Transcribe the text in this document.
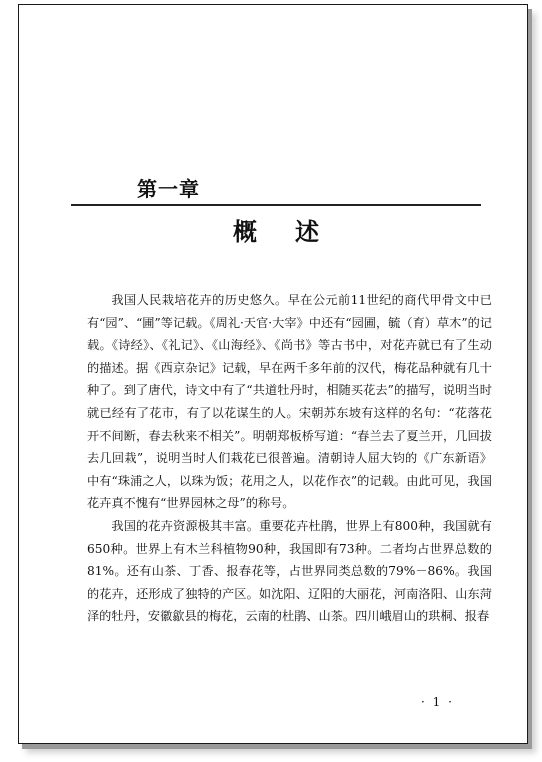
第一章
概述

我国人民栽培花卉的历史悠久。早在公元前11世纪的商代甲骨文中已有“园”、“圃”等记载。《周礼·天官·大宰》中还有“园圃，毓（育）草木”的记载。《诗经》、《礼记》、《山海经》、《尚书》等古书中，对花卉就已有了生动的描述。据《西京杂记》记载，早在两千多年前的汉代，梅花品种就有几十种了。到了唐代，诗文中有了“共道牡丹时，相随买花去”的描写，说明当时就已经有了花市，有了以花谋生的人。宋朝苏东坡有这样的名句：“花落花开不间断，春去秋来不相关”。明朝郑板桥写道：“春兰去了夏兰开，几回拔去几回栽”，说明当时人们栽花已很普遍。清朝诗人屈大钧的《广东新语》中有“珠浦之人，以珠为饭；花用之人，以花作衣”的记载。由此可见，我国花卉真不愧有“世界园林之母”的称号。

我国的花卉资源极其丰富。重要花卉杜鹃，世界上有800种，我国就有650种。世界上有木兰科植物90种，我国即有73种。二者均占世界总数的81%。还有山茶、丁香、报春花等，占世界同类总数的79%－86%。我国的花卉，还形成了独特的产区。如沈阳、辽阳的大丽花，河南洛阳、山东菏泽的牡丹，安徽歙县的梅花，云南的杜鹃、山茶。四川峨眉山的珙桐、报春

· 1 ·
